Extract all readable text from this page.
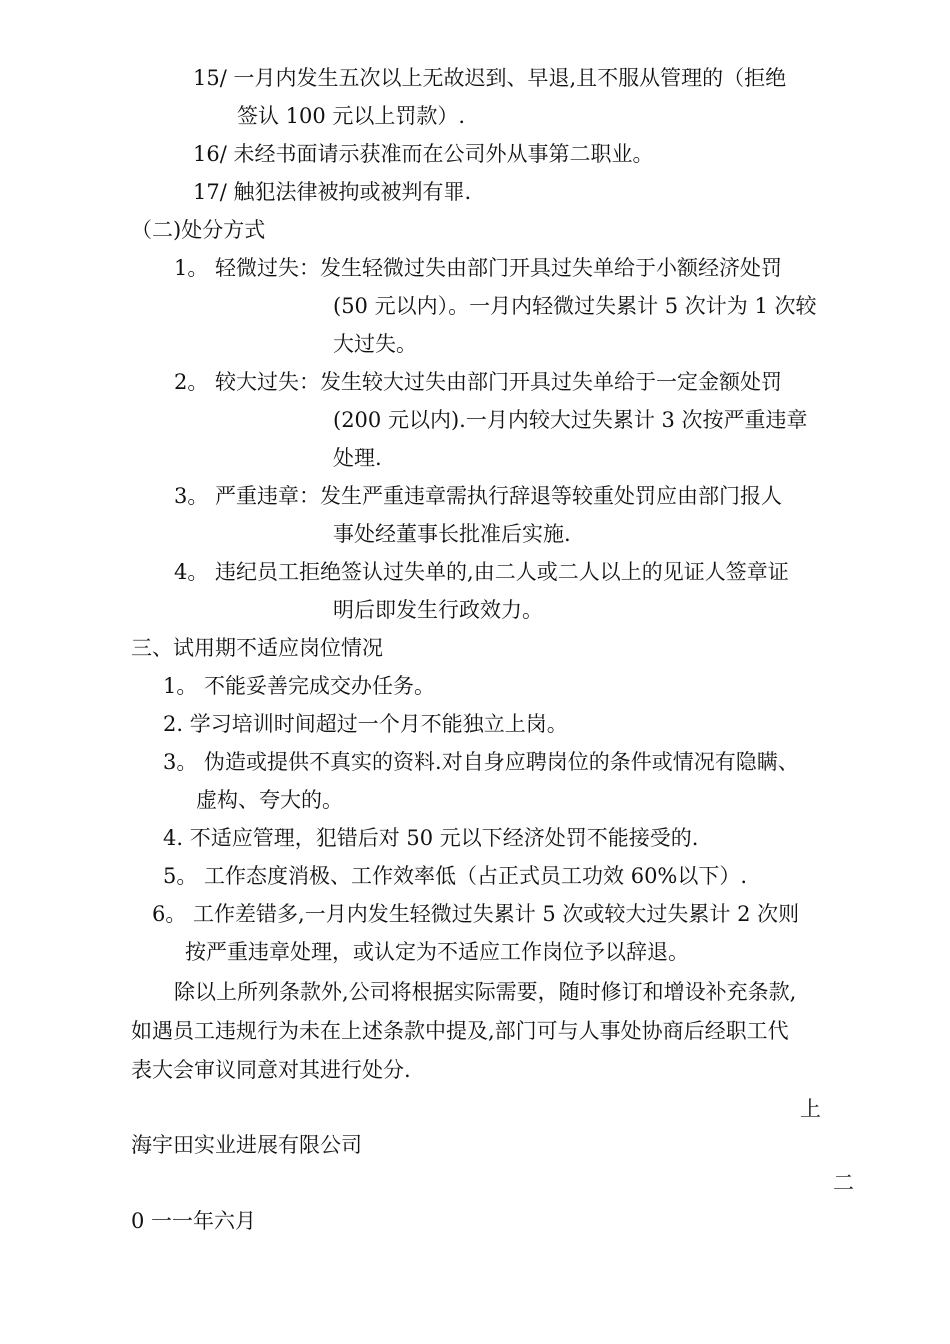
15/ 一月内发生五次以上无故迟到、早退,且不服从管理的（拒绝
签认 100 元以上罚款）.
16/ 未经书面请示获准而在公司外从事第二职业。
17/ 触犯法律被拘或被判有罪.
（二)处分方式
1。 轻微过失：发生轻微过失由部门开具过失单给于小额经济处罚
(50 元以内）。一月内轻微过失累计 5 次计为 1 次较
大过失。
2。 较大过失：发生较大过失由部门开具过失单给于一定金额处罚
(200 元以内).一月内较大过失累计 3 次按严重违章
处理.
3。 严重违章：发生严重违章需执行辞退等较重处罚应由部门报人
事处经董事长批准后实施.
4。 违纪员工拒绝签认过失单的,由二人或二人以上的见证人签章证
明后即发生行政效力。
三、试用期不适应岗位情况
1。 不能妥善完成交办任务。
2. 学习培训时间超过一个月不能独立上岗。
3。 伪造或提供不真实的资料.对自身应聘岗位的条件或情况有隐瞒、
虚构、夸大的。
4. 不适应管理，犯错后对 50 元以下经济处罚不能接受的.
5。 工作态度消极、工作效率低（占正式员工功效 60%以下）.
6。 工作差错多,一月内发生轻微过失累计 5 次或较大过失累计 2 次则
按严重违章处理，或认定为不适应工作岗位予以辞退。
除以上所列条款外,公司将根据实际需要，随时修订和增设补充条款,
如遇员工违规行为未在上述条款中提及,部门可与人事处协商后经职工代
表大会审议同意对其进行处分.
上
海宇田实业进展有限公司
二
0 一一年六月
